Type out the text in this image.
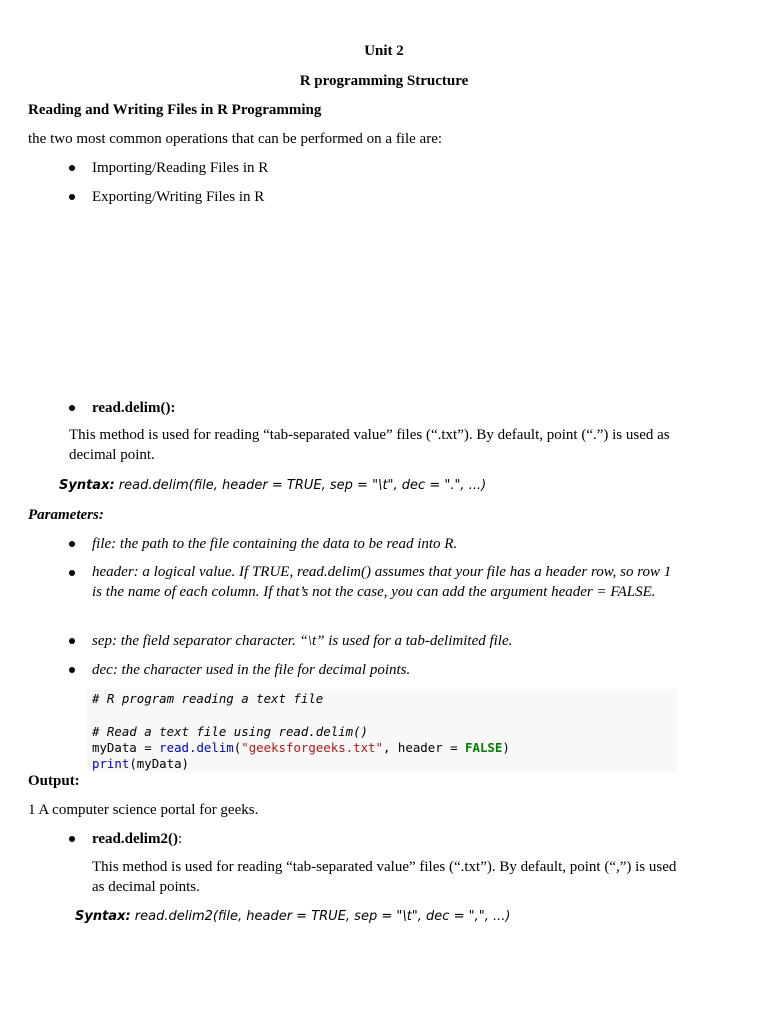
Unit 2
R programming Structure
Reading and Writing Files in R Programming
the two most common operations that can be performed on a file are:
Importing/Reading Files in R
Exporting/Writing Files in R
read.delim():
This method is used for reading “tab-separated value” files (“.txt”). By default, point (“.”) is used as decimal point.
Syntax: read.delim(file, header = TRUE, sep = "\t", dec = ".", ...)
Parameters:
file: the path to the file containing the data to be read into R.
header: a logical value. If TRUE, read.delim() assumes that your file has a header row, so row 1 is the name of each column. If that’s not the case, you can add the argument header = FALSE.
sep: the field separator character. “\t” is used for a tab-delimited file.
dec: the character used in the file for decimal points.
# R program reading a text file
# Read a text file using read.delim()
myData = read.delim("geeksforgeeks.txt", header = FALSE)
print(myData)
Output:
1 A computer science portal for geeks.
read.delim2():
This method is used for reading “tab-separated value” files (“.txt”). By default, point (“,”) is used as decimal points.
Syntax: read.delim2(file, header = TRUE, sep = "\t", dec = ",", ...)
